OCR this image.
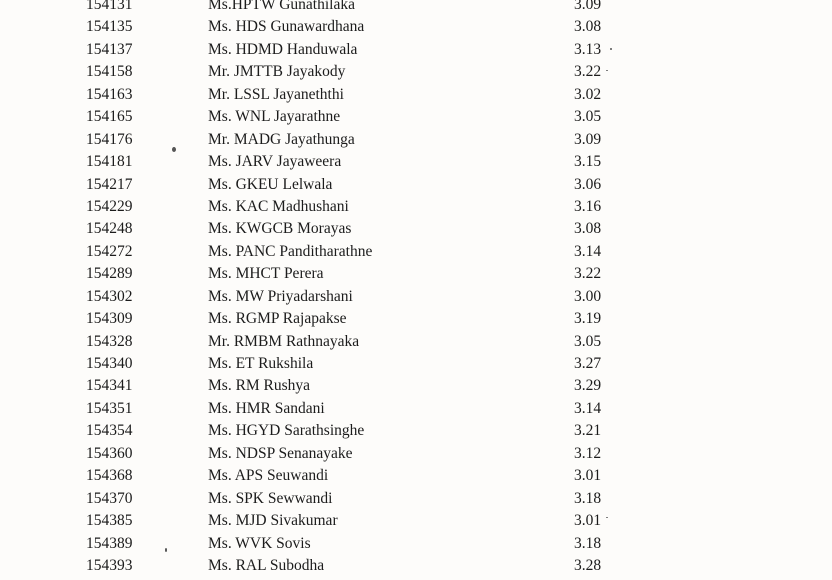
154131	Ms.HPTW Gunathilaka	3.09
154135	Ms. HDS Gunawardhana	3.08
154137	Ms. HDMD Handuwala	3.13
154158	Mr. JMTTB Jayakody	3.22
154163	Mr. LSSL Jayaneththi	3.02
154165	Ms. WNL Jayarathne	3.05
154176	Mr. MADG Jayathunga	3.09
154181	Ms. JARV Jayaweera	3.15
154217	Ms. GKEU Lelwala	3.06
154229	Ms. KAC Madhushani	3.16
154248	Ms. KWGCB Morayas	3.08
154272	Ms. PANC Panditharathne	3.14
154289	Ms. MHCT Perera	3.22
154302	Ms. MW Priyadarshani	3.00
154309	Ms. RGMP Rajapakse	3.19
154328	Mr. RMBM Rathnayaka	3.05
154340	Ms. ET Rukshila	3.27
154341	Ms. RM Rushya	3.29
154351	Ms. HMR Sandani	3.14
154354	Ms. HGYD Sarathsinghe	3.21
154360	Ms. NDSP Senanayake	3.12
154368	Ms. APS Seuwandi	3.01
154370	Ms. SPK Sewwandi	3.18
154385	Ms. MJD Sivakumar	3.01
154389	Ms. WVK Sovis	3.18
154393	Ms. RAL Subodha	3.28
